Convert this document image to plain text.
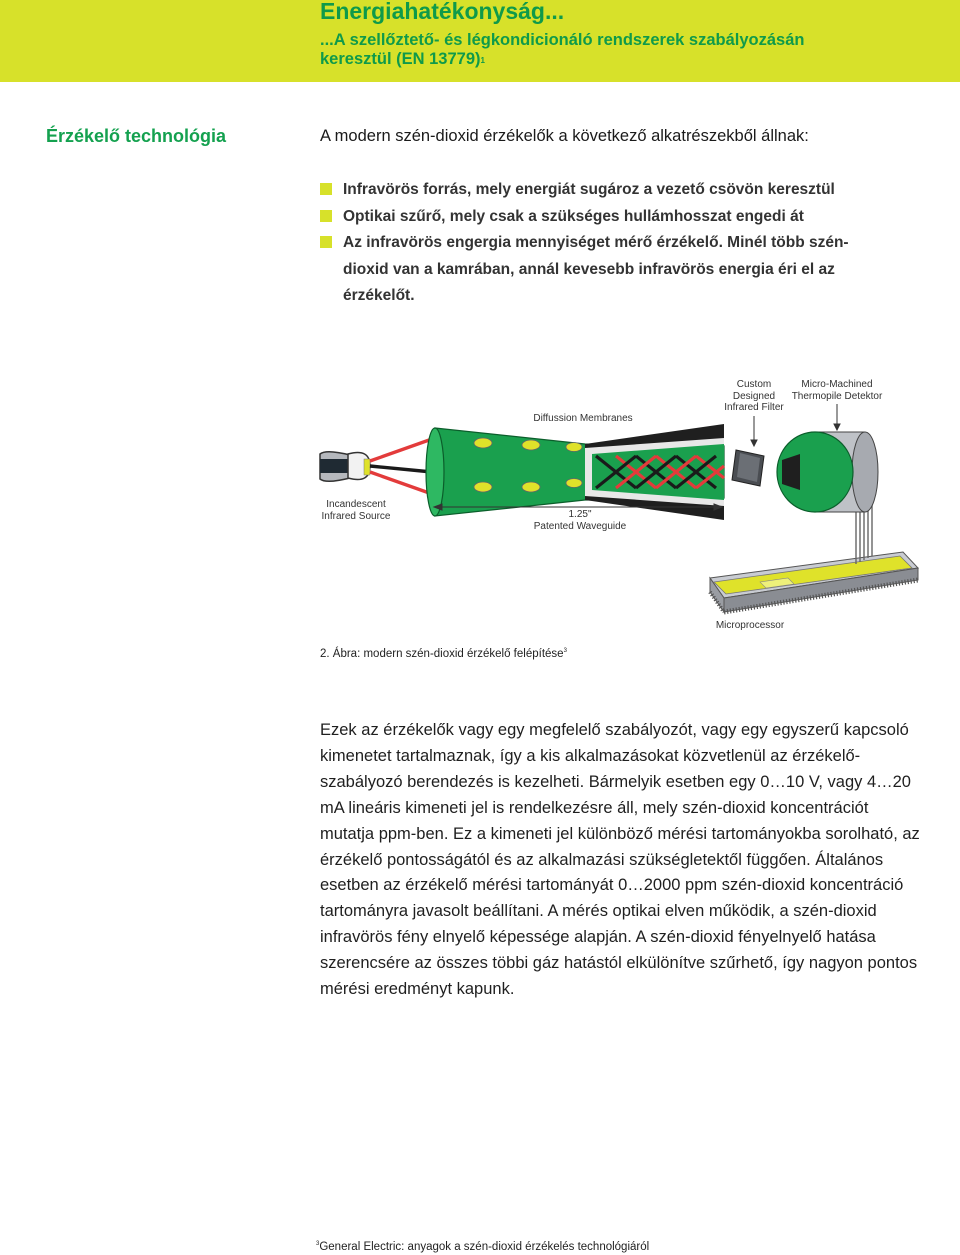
Energiahatékonyság...
...A szellőztető- és légkondicionáló rendszerek szabályozásán keresztül (EN 13779)$^1$
Érzékelő technológia	A modern szén-dioxid érzékelők a következő alkatrészekből állnak:
Infravörös forrás, mely energiát sugároz a vezető csövön keresztül
Optikai szűrő, mely csak a szükséges hullámhosszat engedi át
Az infravörös engergia mennyiséget mérő érzékelő. Minél több szén-dioxid van a kamrában, annál kevesebb infravörös energia éri el az érzékelőt.
Diffussion Membranes
Custom
Designed
Infrared Filter
Micro-Machined
Thermopile Detektor
Incandescent
Infrared Source	1.25"
Patented Waveguide
Microprocessor
2. Ábra: modern szén-dioxid érzékelő felépítése$^3$
Ezek az érzékelők vagy egy megfelelő szabályozót, vagy egy egyszerű kapcsoló kimenetet tartalmaznak, így a kis alkalmazásokat közvetlenül az érzékelő-szabályozó berendezés is kezelheti. Bármelyik esetben egy 0…10 V, vagy 4…20 mA lineáris kimeneti jel is rendelkezésre áll, mely szén-dioxid koncentrációt mutatja ppm-ben. Ez a kimeneti jel különböző mérési tartományokba sorolható, az érzékelő pontosságától és az alkalmazási szükségletektől függően. Általános esetben az érzékelő mérési tartományát 0…2000 ppm szén-dioxid koncentráció tartományra javasolt beállítani. A mérés optikai elven működik, a szén-dioxid infravörös fény elnyelő képessége alapján. A szén-dioxid fényelnyelő hatása szerencsére az összes többi gáz hatástól elkülönítve szűrhető, így nagyon pontos mérési eredményt kapunk.
$^3$General Electric: anyagok a szén-dioxid érzékelés technológiáról
